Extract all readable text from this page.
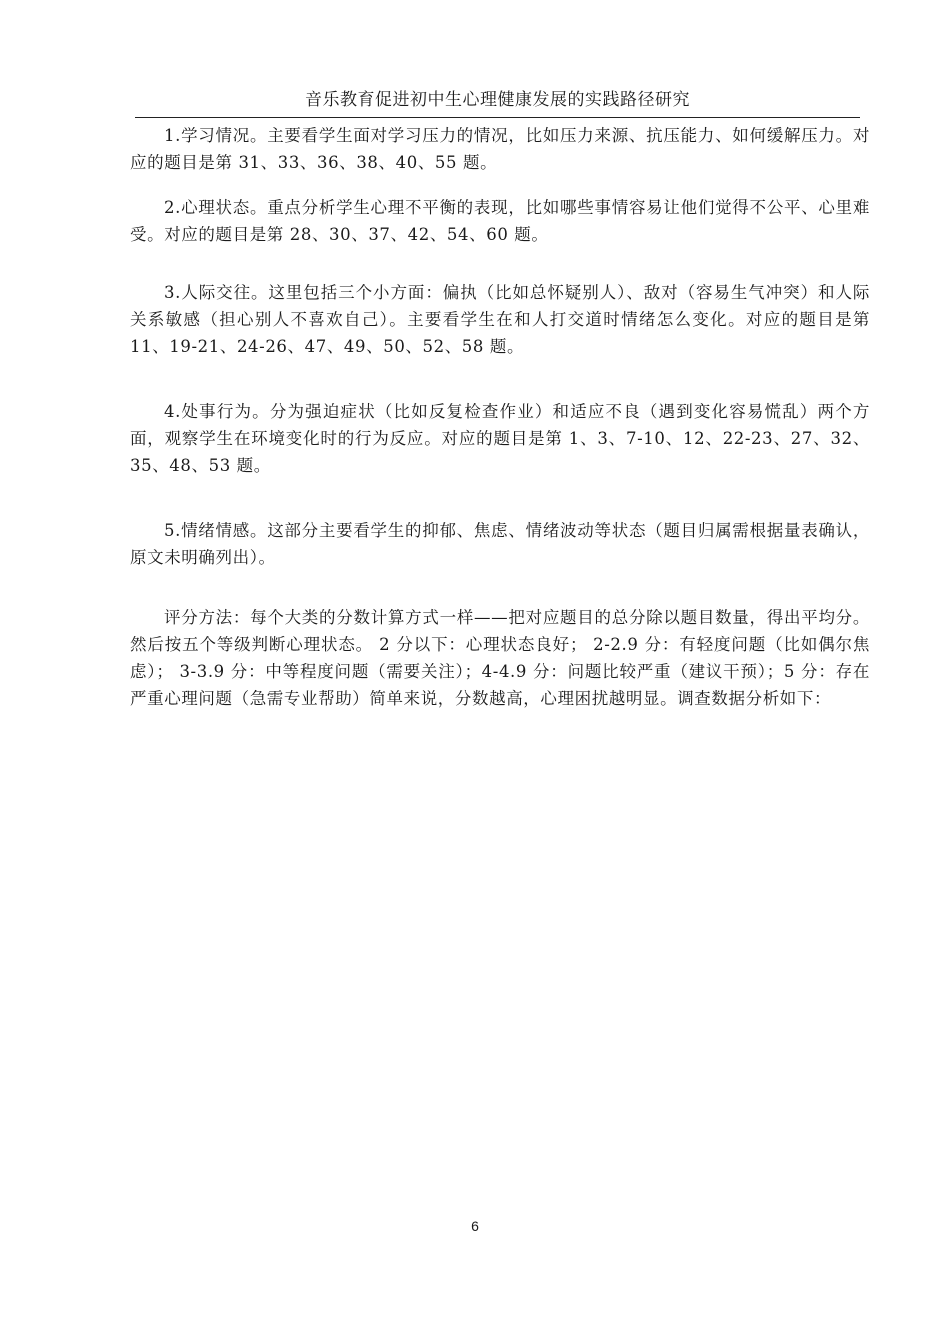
音乐教育促进初中生心理健康发展的实践路径研究

1.学习情况。主要看学生面对学习压力的情况，比如压力来源、抗压能力、如何缓解压力。对应的题目是第 31、33、36、38、40、55 题。

2.心理状态。重点分析学生心理不平衡的表现，比如哪些事情容易让他们觉得不公平、心里难受。对应的题目是第 28、30、37、42、54、60 题。

3.人际交往。这里包括三个小方面：偏执（比如总怀疑别人）、敌对（容易生气冲突）和人际关系敏感（担心别人不喜欢自己）。主要看学生在和人打交道时情绪怎么变化。对应的题目是第 11、19-21、24-26、47、49、50、52、58 题。

4.处事行为。分为强迫症状（比如反复检查作业）和适应不良（遇到变化容易慌乱）两个方面，观察学生在环境变化时的行为反应。对应的题目是第 1、3、7-10、12、22-23、27、32、35、48、53 题。

5.情绪情感。这部分主要看学生的抑郁、焦虑、情绪波动等状态（题目归属需根据量表确认，原文未明确列出）。

评分方法：每个大类的分数计算方式一样——把对应题目的总分除以题目数量，得出平均分。然后按五个等级判断心理状态。 2 分以下：心理状态良好； 2-2.9 分：有轻度问题（比如偶尔焦虑）； 3-3.9 分：中等程度问题（需要关注）；4-4.9 分：问题比较严重（建议干预）；5 分：存在严重心理问题（急需专业帮助）简单来说，分数越高，心理困扰越明显。调查数据分析如下：

6
